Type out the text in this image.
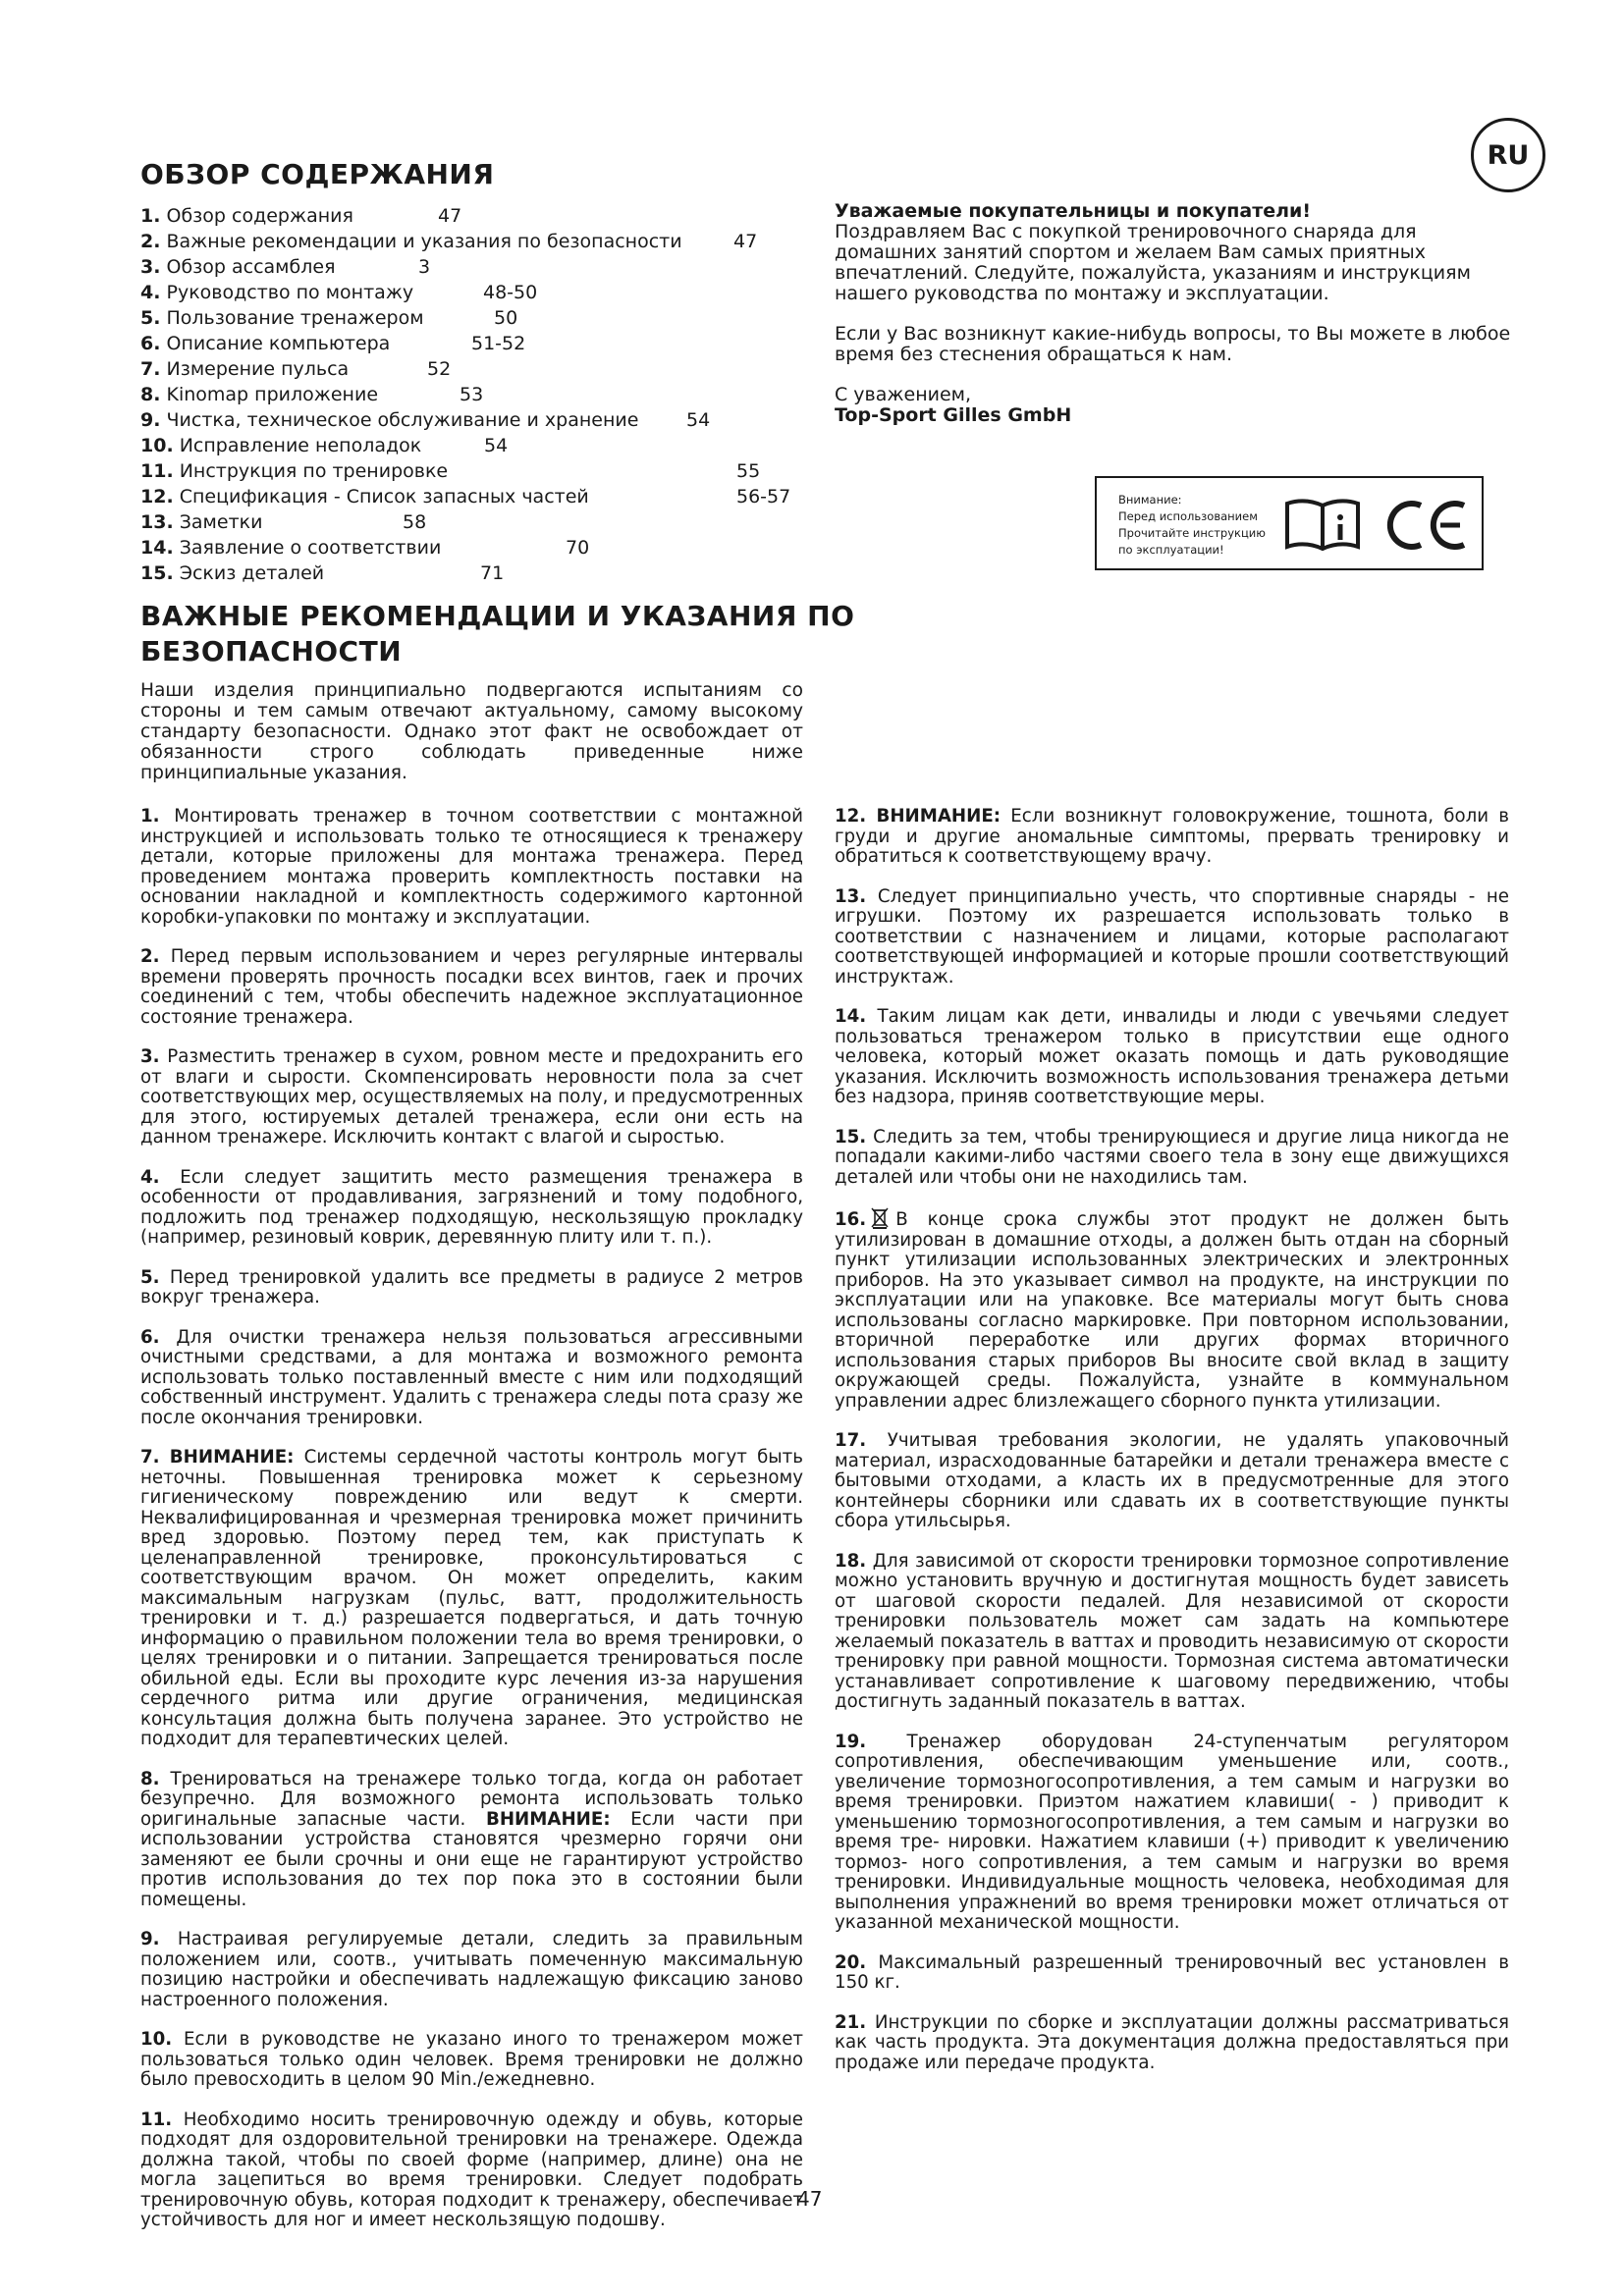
RU
ОБЗОР СОДЕРЖАНИЯ
1. Обзор содержания	47
2. Важные рекомендации и указания по безопасности	47
3. Обзор ассамблея	3
4. Руководство по монтажу	48-50
5. Пользование тренажером	50
6. Описание компьютера	51-52
7. Измерение пульса	52
8. Kinomap приложение	53
9. Чистка, техническое обслуживание и хранение	54
10. Исправление неполадок	54
11. Инструкция по тренировке	55
12. Спецификация - Список запасных частей	56-57
13. Заметки	58
14. Заявление о соответствии	70
15. Эскиз деталей	71
Уважаемые покупательницы и покупатели!

Поздравляем Вас с покупкой тренировочного снаряда для домашних занятий спортом и желаем Вам самых приятных впечатлений. Следуйте, пожалуйста, указаниям и инструкциям нашего руководства по монтажу и эксплуатации.

Если у Вас возникнут какие-нибудь вопросы, то Вы можете в любое время без стеснения обращаться к нам.

С уважением,
Top-Sport Gilles GmbH
Внимание:
Перед использованием
Прочитайте инструкцию
по эксплуатации!
ВАЖНЫЕ РЕКОМЕНДАЦИИ И УКАЗАНИЯ ПО
БЕЗОПАСНОСТИ
Наши изделия принципиально подвергаются испытаниям со стороны и тем самым отвечают актуальному, самому высокому стандарту безопасности. Однако этот факт не освобождает от обязанности строго соблюдать приведенные ниже принципиальные указания.

1. Монтировать тренажер в точном соответствии с монтажной инструкцией и использовать только те относящиеся к тренажеру детали, которые приложены для монтажа тренажера. Перед проведением монтажа проверить комплектность поставки на основании накладной и комплектность содержимого картонной коробки-упаковки по монтажу и эксплуатации.

2. Перед первым использованием и через регулярные интервалы времени проверять прочность посадки всех винтов, гаек и прочих соединений с тем, чтобы обеспечить надежное эксплуатационное состояние тренажера.

3. Разместить тренажер в сухом, ровном месте и предохранить его от влаги и сырости. Скомпенсировать неровности пола за счет соответствующих мер, осуществляемых на полу, и предусмотренных для этого, юстируемых деталей тренажера, если они есть на данном тренажере. Исключить контакт с влагой и сыростью.

4. Если следует защитить место размещения тренажера в особенности от продавливания, загрязнений и тому подобного, подложить под тренажер подходящую, нескользящую прокладку (например, резиновый коврик, деревянную плиту или т. п.).

5. Перед тренировкой удалить все предметы в радиусе 2 метров вокруг тренажера.

6. Для очистки тренажера нельзя пользоваться агрессивными очистными средствами, а для монтажа и возможного ремонта использовать только поставленный вместе с ним или подходящий собственный инструмент. Удалить с тренажера следы пота сразу же после окончания тренировки.

7. ВНИМАНИЕ: Системы сердечной частоты контроль могут быть неточны. Повышенная тренировка может к серьезному гигиеническому повреждению или ведут к смерти. Неквалифицированная и чрезмерная тренировка может причинить вред здоровью. Поэтому перед тем, как приступать к целенаправленной тренировке, проконсультироваться с соответствующим врачом. Он может определить, каким максимальным нагрузкам (пульс, ватт, продолжительность тренировки и т. д.) разрешается подвергаться, и дать точную информацию о правильном положении тела во время тренировки, о целях тренировки и о питании. Запрещается тренироваться после обильной еды. Если вы проходите курс лечения из-за нарушения сердечного ритма или другие ограничения, медицинская консультация должна быть получена заранее. Это устройство не подходит для терапевтических целей.

8. Тренироваться на тренажере только тогда, когда он работает безупречно. Для возможного ремонта использовать только оригинальные запасные части. ВНИМАНИЕ: Если части при использовании устройства становятся чрезмерно горячи они заменяют ее были срочны и они еще не гарантируют устройство против использования до тех пор пока это в состоянии были помещены.

9. Настраивая регулируемые детали, следить за правильным положением или, соотв., учитывать помеченную максимальную позицию настройки и обеспечивать надлежащую фиксацию заново настроенного положения.

10. Если в руководстве не указано иного то тренажером может пользоваться только один человек. Время тренировки не должно было превосходить в целом 90 Min./ежедневно.

11. Необходимо носить тренировочную одежду и обувь, которые подходят для оздоровительной тренировки на тренажере. Одежда должна такой, чтобы по своей форме (например, длине) она не могла зацепиться во время тренировки. Следует подобрать тренировочную обувь, которая подходит к тренажеру, обеспечивает устойчивость для ног и имеет нескользящую подошву.

12. ВНИМАНИЕ: Если возникнут головокружение, тошнота, боли в груди и другие аномальные симптомы, прервать тренировку и обратиться к соответствующему врачу.

13. Следует принципиально учесть, что спортивные снаряды - не игрушки. Поэтому их разрешается использовать только в соответствии с назначением и лицами, которые располагают соответствующей информацией и которые прошли соответствующий инструктаж.

14. Таким лицам как дети, инвалиды и люди с увечьями следует пользоваться тренажером только в присутствии еще одного человека, который может оказать помощь и дать руководящие указания. Исключить возможность использования тренажера детьми без надзора, приняв соответствующие меры.

15. Следить за тем, чтобы тренирующиеся и другие лица никогда не попадали какими-либо частями своего тела в зону еще движущихся деталей или чтобы они не находились там.

16. В конце срока службы этот продукт не должен быть утилизирован в домашние отходы, а должен быть отдан на сборный пункт утилизации использованных электрических и электронных приборов. На это указывает символ на продукте, на инструкции по эксплуатации или на упаковке. Все материалы могут быть снова использованы согласно маркировке. При повторном использовании, вторичной переработке или других формах вторичного использования старых приборов Вы вносите свой вклад в защиту окружающей среды. Пожалуйста, узнайте в коммунальном управлении адрес близлежащего сборного пункта утилизации.

17. Учитывая требования экологии, не удалять упаковочный материал, израсходованные батарейки и детали тренажера вместе с бытовыми отходами, а класть их в предусмотренные для этого контейнеры сборники или сдавать их в соответствующие пункты сбора утильсырья.

18. Для зависимой от скорости тренировки тормозное сопротивление можно установить вручную и достигнутая мощность будет зависеть от шаговой скорости педалей. Для независимой от скорости тренировки пользователь может сам задать на компьютере желаемый показатель в ваттах и проводить независимую от скорости тренировку при равной мощности. Тормозная система автоматически устанавливает сопротивление к шаговому передвижению, чтобы достигнуть заданный показатель в ваттах.

19. Тренажер оборудован 24-ступенчатым регулятором сопротивления, обеспечивающим уменьшение или, соотв., увеличение тормозногосопротивления, а тем самым и нагрузки во время тренировки. Приэтом нажатием клавиши( - ) приводит к уменьшению тормозногосопротивления, а тем самым и нагрузки во время тре- нировки. Нажатием клавиши (+) приводит к увеличению тормоз- ного сопротивления, а тем самым и нагрузки во время тренировки. Индивидуальные мощность человека, необходимая для выполнения упражнений во время тренировки может отличаться от указанной механической мощности.

20. Максимальный разрешенный тренировочный вес установлен в 150 кг.

21. Инструкции по сборке и эксплуатации должны рассматриваться как часть продукта. Эта документация должна предоставляться при продаже или передаче продукта.

47
